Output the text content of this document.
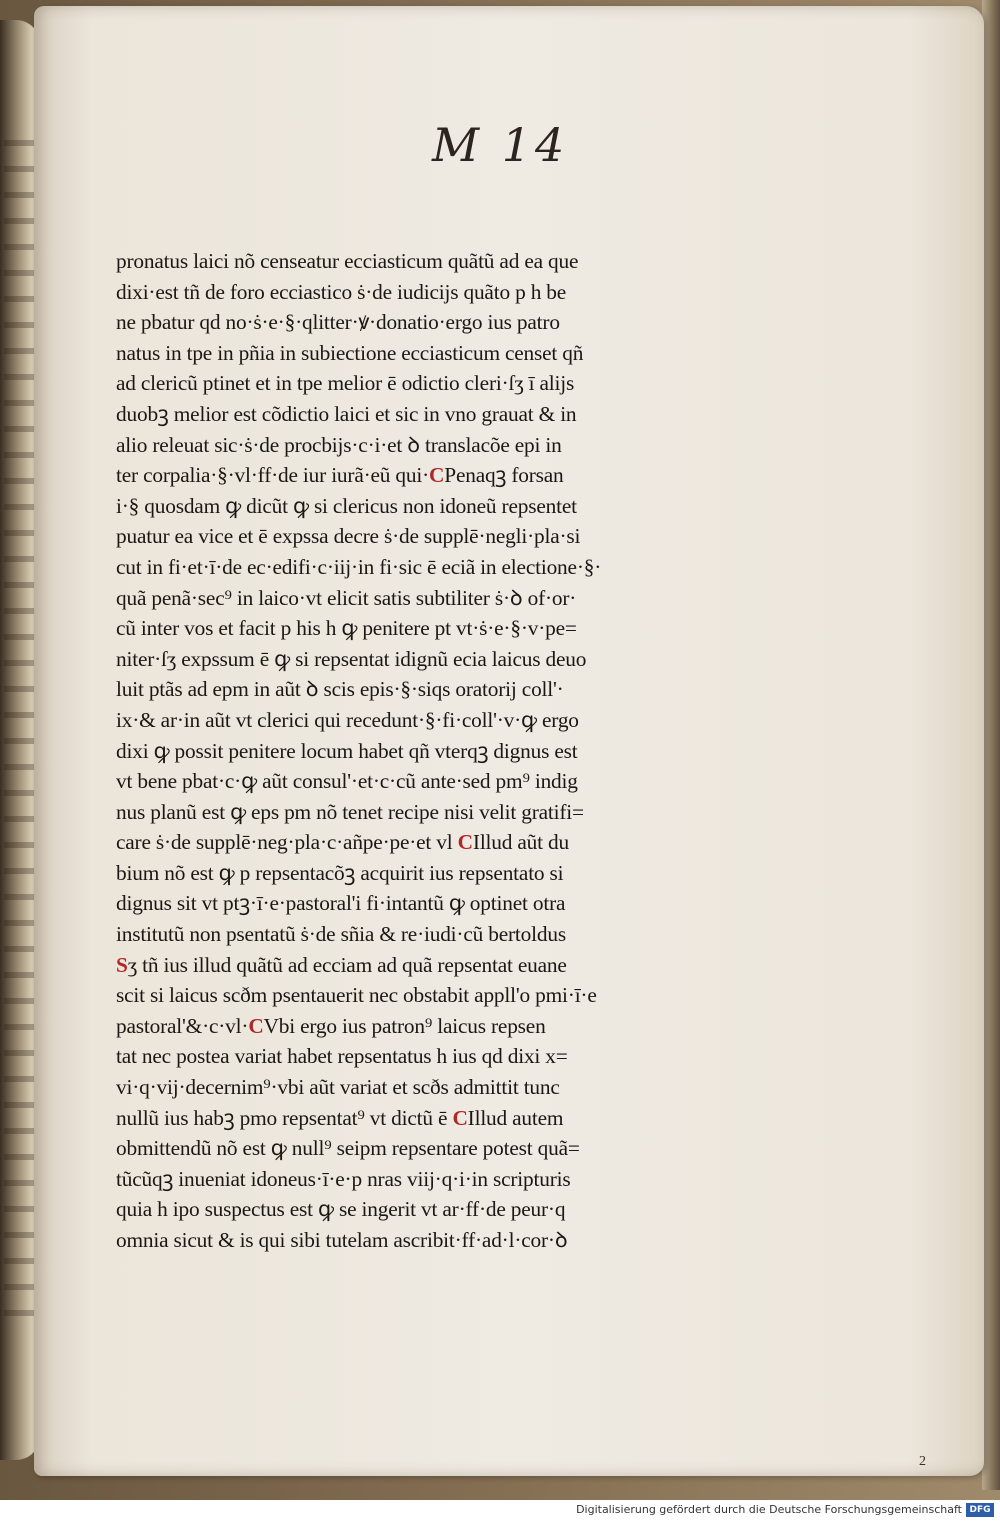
M 14
pronatus laici nõ censeatur ecciasticum quãtũ ad ea que
dixi·est tñ de foro ecciastico ṡ·de iudicijs quãto p h be
ne pbatur qd no·ṡ·e·§·qlitter·ꝟ·donatio·ergo ius patro
natus in tpe in pñia in subiectione ecciasticum censet qñ
ad clericũ ptinet et in tpe melior ē odictio cleri·ſʒ ī alijs
duobꝫ melior est cõdictio laici et sic in vno grauat & in
alio releuat sic·ṡ·de procbijs·c·i·et ꝺ translacõe epi in
ter corpalia·§·vl·ff·de iur iurã·eũ qui·CPenaqꝫ forsan
i·§ quosdam ꝙ dicũt ꝙ si clericus non idoneũ repsentet
puatur ea vice et ē expssa decre ṡ·de supplē·negli·pla·si
cut in fi·et·ī·de ec·edifi·c·iij·in fi·sic ē eciã in electione·§·
quã penã·sec⁹ in laico·vt elicit satis subtiliter ṡ·ꝺ of·or·
cũ inter vos et facit p his h ꝙ penitere pt vt·ṡ·e·§·v·pe=
niter·ſʒ expssum ē ꝙ si repsentat idignũ ecia laicus deuo
luit ptãs ad epm in aũt ꝺ scis epis·§·siqs oratorij coll'·
ix·& ar·in aũt vt clerici qui recedunt·§·fi·coll'·v·ꝙ ergo
dixi ꝙ possit penitere locum habet qñ vterqꝫ dignus est
vt bene pbat·c·ꝙ aũt consul'·et·c·cũ ante·sed pm⁹ indig
nus planũ est ꝙ eps pm nõ tenet recipe nisi velit gratifi=
care ṡ·de supplē·neg·pla·c·añpe·pe·et vl CIllud aũt du
bium nõ est ꝙ p repsentacõꝫ acquirit ius repsentato si
dignus sit vt ptꝫ·ī·e·pastoral'i fi·intantũ ꝙ optinet otra
institutũ non psentatũ ṡ·de sñia & re·iudi·cũ bertoldus
Sʒ tñ ius illud quãtũ ad ecciam ad quã repsentat euane
scit si laicus scðm psentauerit nec obstabit appll'o pmi·ī·e
pastoral'&·c·vl·CVbi ergo ius patron⁹ laicus repsen
tat nec postea variat habet repsentatus h ius qd dixi x=
vi·q·vij·decernim⁹·vbi aũt variat et scðs admittit tunc
nullũ ius habꝫ pmo repsentat⁹ vt dictũ ē CIllud autem
obmittendũ nõ est ꝙ null⁹ seipm repsentare potest quã=
tũcũqꝫ inueniat idoneus·ī·e·p nras viij·q·i·in scripturis
quia h ipo suspectus est ꝙ se ingerit vt ar·ff·de peur·q
omnia sicut & is qui sibi tutelam ascribit·ff·ad·l·cor·ꝺ
2
Digitalisierung gefördert durch die Deutsche Forschungsgemeinschaft DFG
